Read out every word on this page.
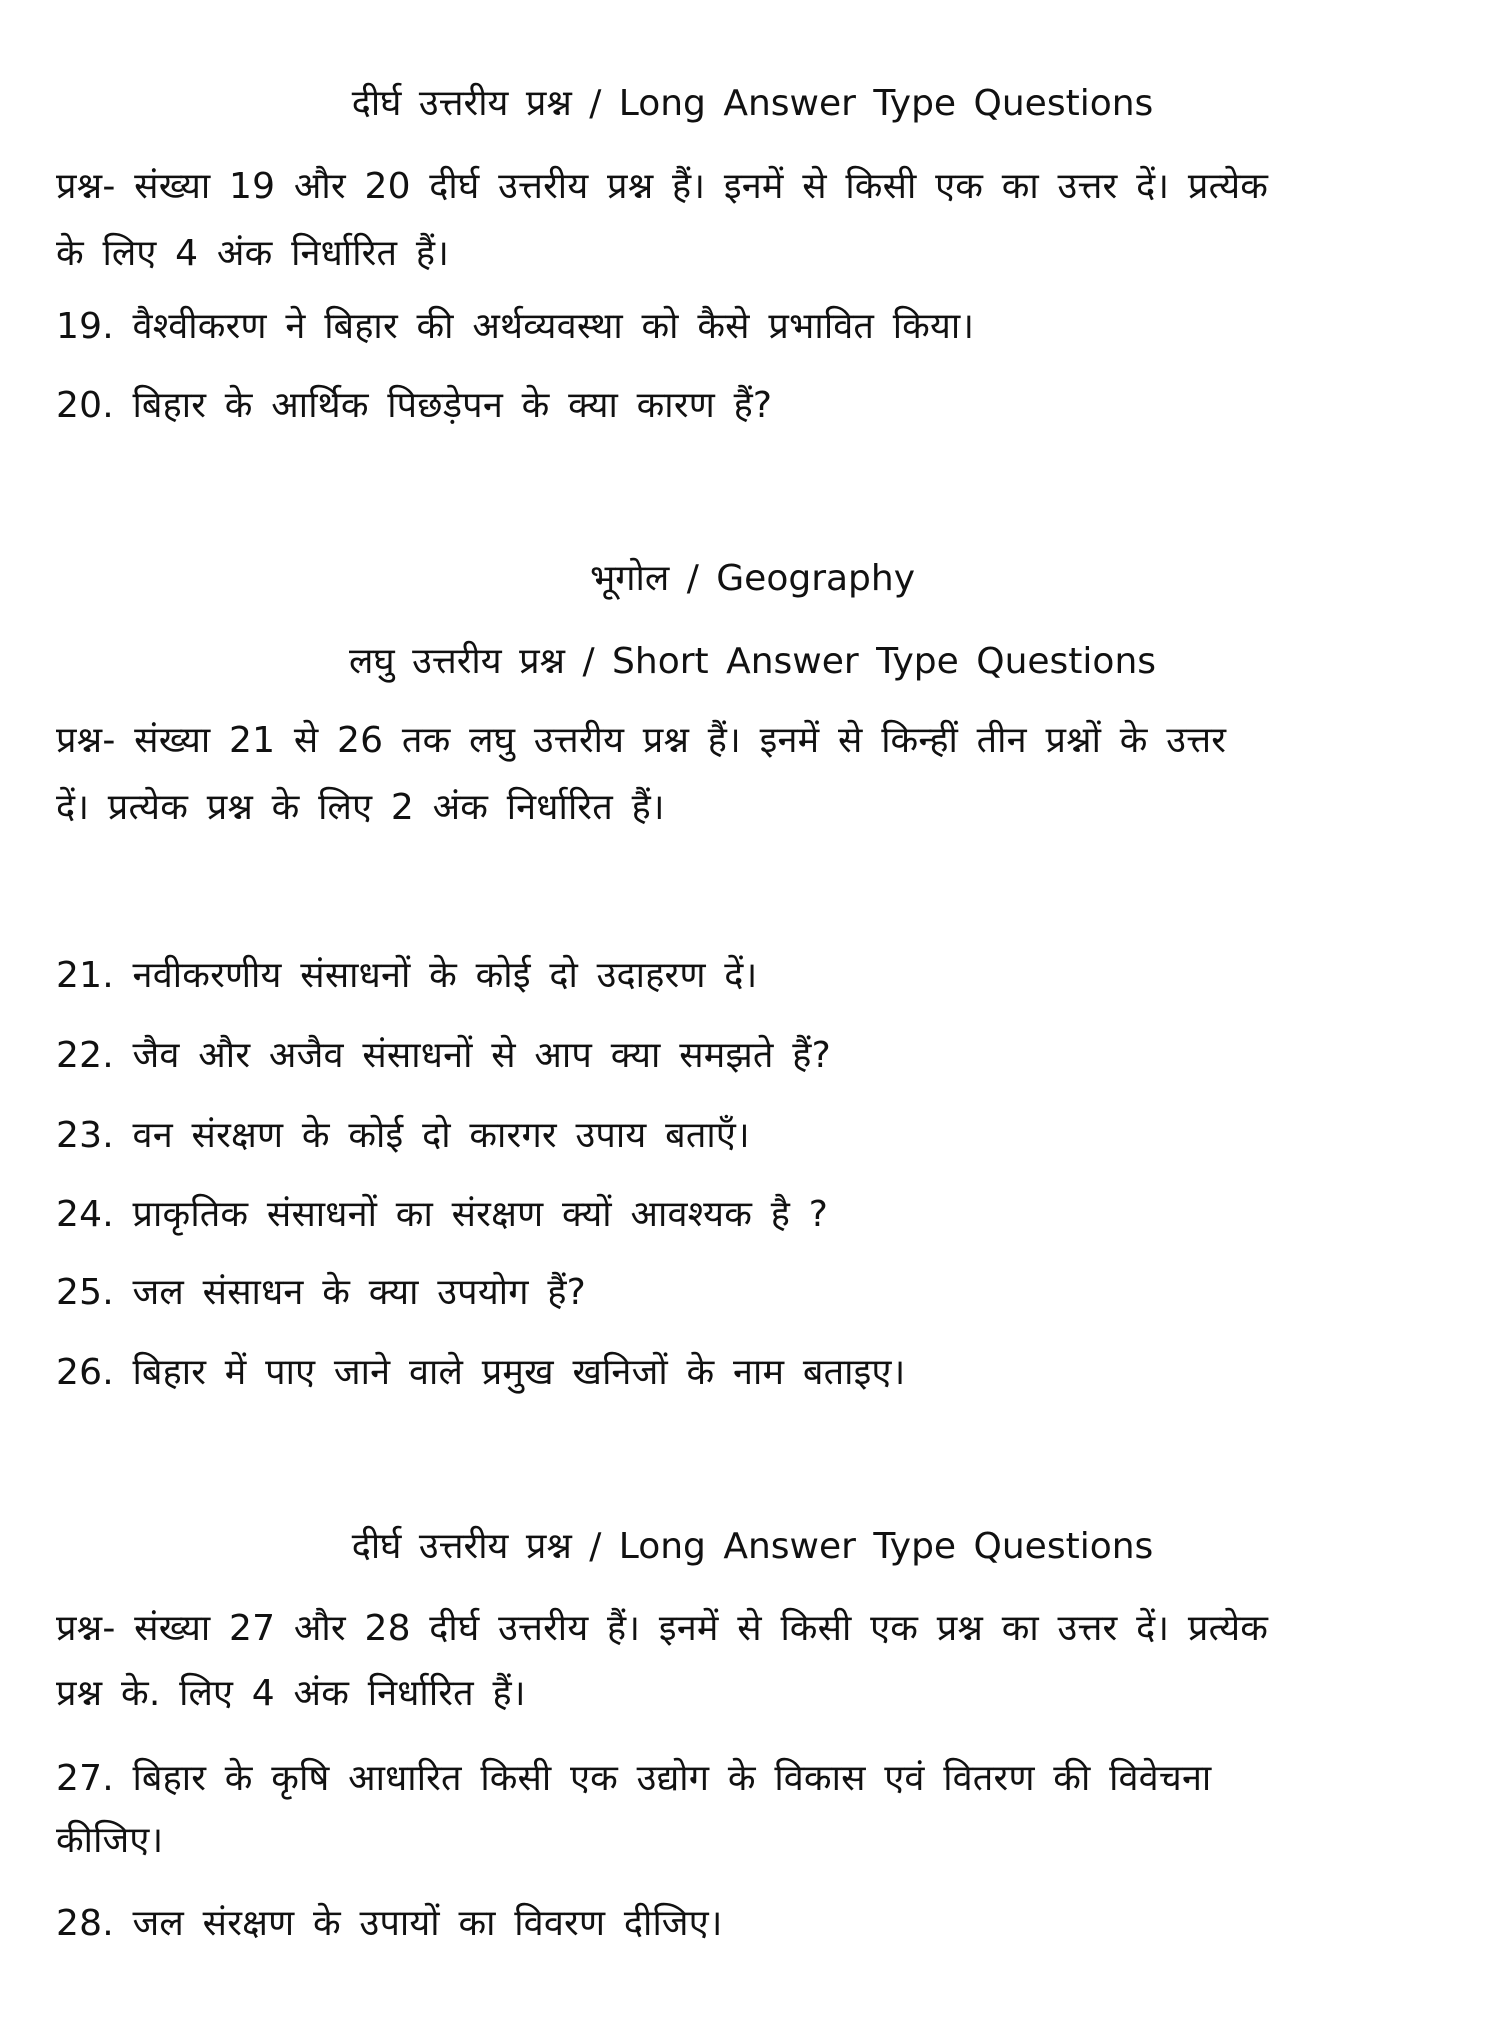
दीर्घ उत्तरीय प्रश्न / Long Answer Type Questions
प्रश्न- संख्या 19 और 20 दीर्घ उत्तरीय प्रश्न हैं। इनमें से किसी एक का उत्तर दें। प्रत्येक
के लिए 4 अंक निर्धारित हैं।
19. वैश्वीकरण ने बिहार की अर्थव्यवस्था को कैसे प्रभावित किया।
20. बिहार के आर्थिक पिछड़ेपन के क्या कारण हैं?
भूगोल / Geography
लघु उत्तरीय प्रश्न / Short Answer Type Questions
प्रश्न- संख्या 21 से 26 तक लघु उत्तरीय प्रश्न हैं। इनमें से किन्हीं तीन प्रश्नों के उत्तर
दें। प्रत्येक प्रश्न के लिए 2 अंक निर्धारित हैं।
21. नवीकरणीय संसाधनों के कोई दो उदाहरण दें।
22. जैव और अजैव संसाधनों से आप क्या समझते हैं?
23. वन संरक्षण के कोई दो कारगर उपाय बताएँ।
24. प्राकृतिक संसाधनों का संरक्षण क्यों आवश्यक है ?
25. जल संसाधन के क्या उपयोग हैं?
26. बिहार में पाए जाने वाले प्रमुख खनिजों के नाम बताइए।
दीर्घ उत्तरीय प्रश्न / Long Answer Type Questions
प्रश्न- संख्या 27 और 28 दीर्घ उत्तरीय हैं। इनमें से किसी एक प्रश्न का उत्तर दें। प्रत्येक
प्रश्न के. लिए 4 अंक निर्धारित हैं।
27. बिहार के कृषि आधारित किसी एक उद्योग के विकास एवं वितरण की विवेचना
कीजिए।
28. जल संरक्षण के उपायों का विवरण दीजिए।
